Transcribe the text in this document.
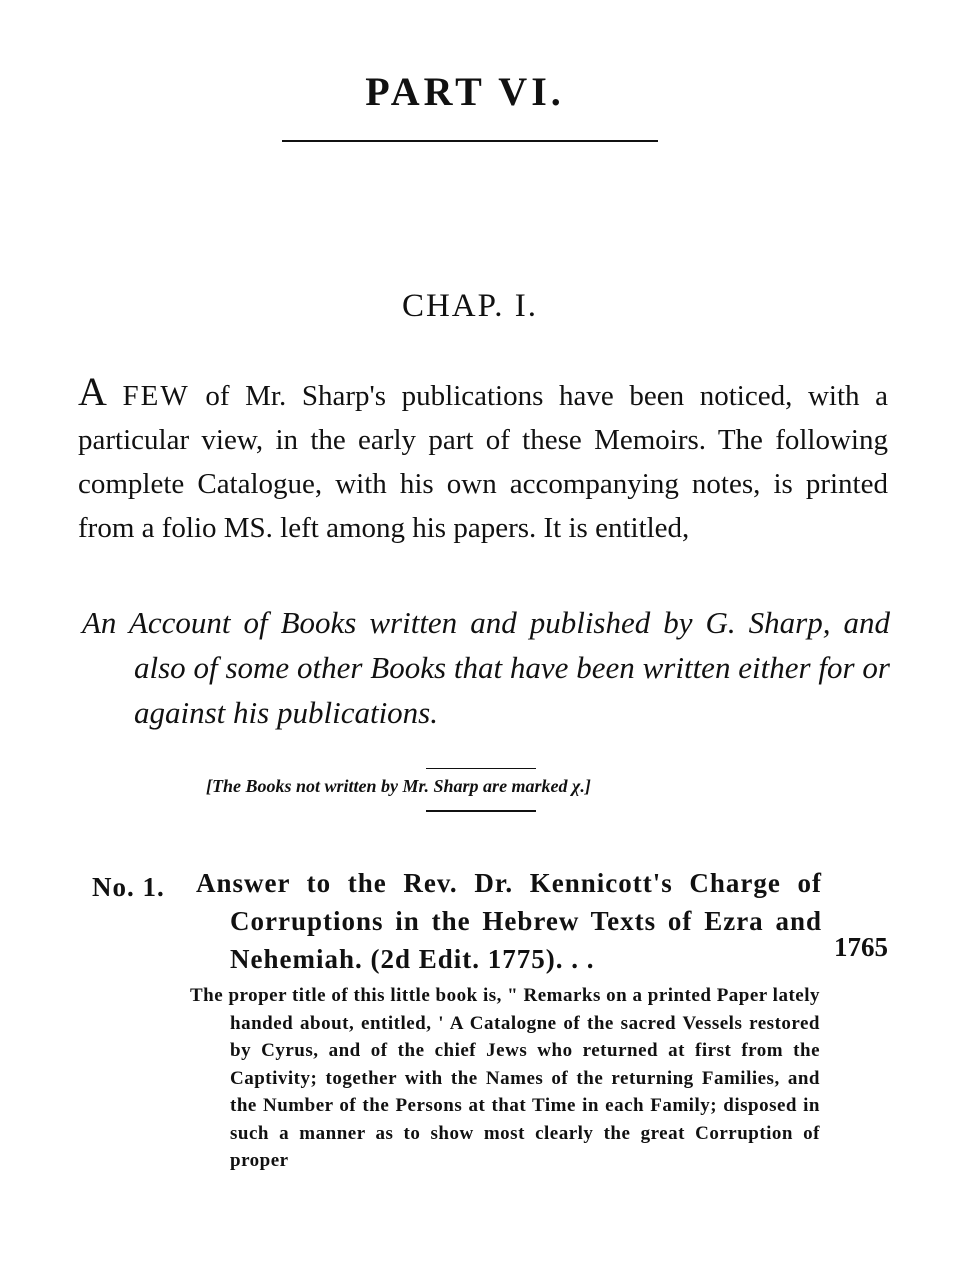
PART VI.
CHAP. I.
A FEW of Mr. Sharp's publications have been noticed, with a particular view, in the early part of these Memoirs. The following complete Catalogue, with his own accompanying notes, is printed from a folio MS. left among his papers. It is entitled,
An Account of Books written and published by G. Sharp, and also of some other Books that have been written either for or against his publications.
[The Books not written by Mr. Sharp are marked χ.]
No. 1. Answer to the Rev. Dr. Kennicott's Charge of Corruptions in the Hebrew Texts of Ezra and Nehemiah. (2d Edit. 1775). . .	1765
The proper title of this little book is, " Remarks on a printed Paper lately handed about, entitled, ' A Catalogne of the sacred Vessels restored by Cyrus, and of the chief Jews who returned at first from the Captivity; together with the Names of the returning Families, and the Number of the Persons at that Time in each Family; disposed in such a manner as to show most clearly the great Corruption of proper
